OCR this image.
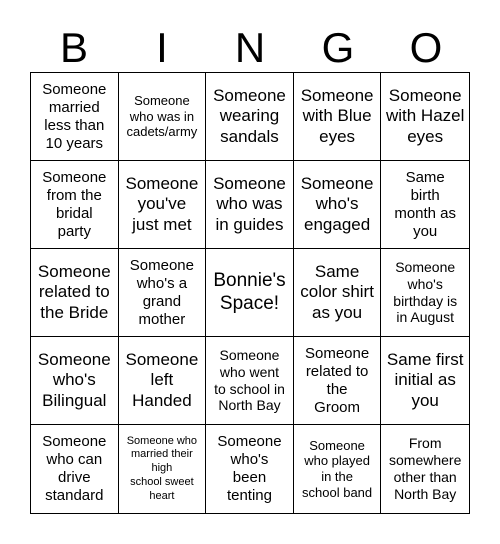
B	I	N	G	O
Someone
married
less than
10 years
Someone
who was in
cadets/army
Someone
wearing
sandals
Someone
with Blue
eyes
Someone
with Hazel
eyes
Someone
from the
bridal
party
Someone
you've
just met
Someone
who was
in guides
Someone
who's
engaged
Same
birth
month as
you
Someone
related to
the Bride
Someone
who's a
grand
mother
Bonnie's
Space!
Same
color shirt
as you
Someone
who's
birthday is
in August
Someone
who's
Bilingual
Someone
left
Handed
Someone
who went
to school in
North Bay
Someone
related to
the
Groom
Same first
initial as
you
Someone
who can
drive
standard
Someone who
married their
high
school sweet
heart
Someone
who's
been
tenting
Someone
who played
in the
school band
From
somewhere
other than
North Bay
